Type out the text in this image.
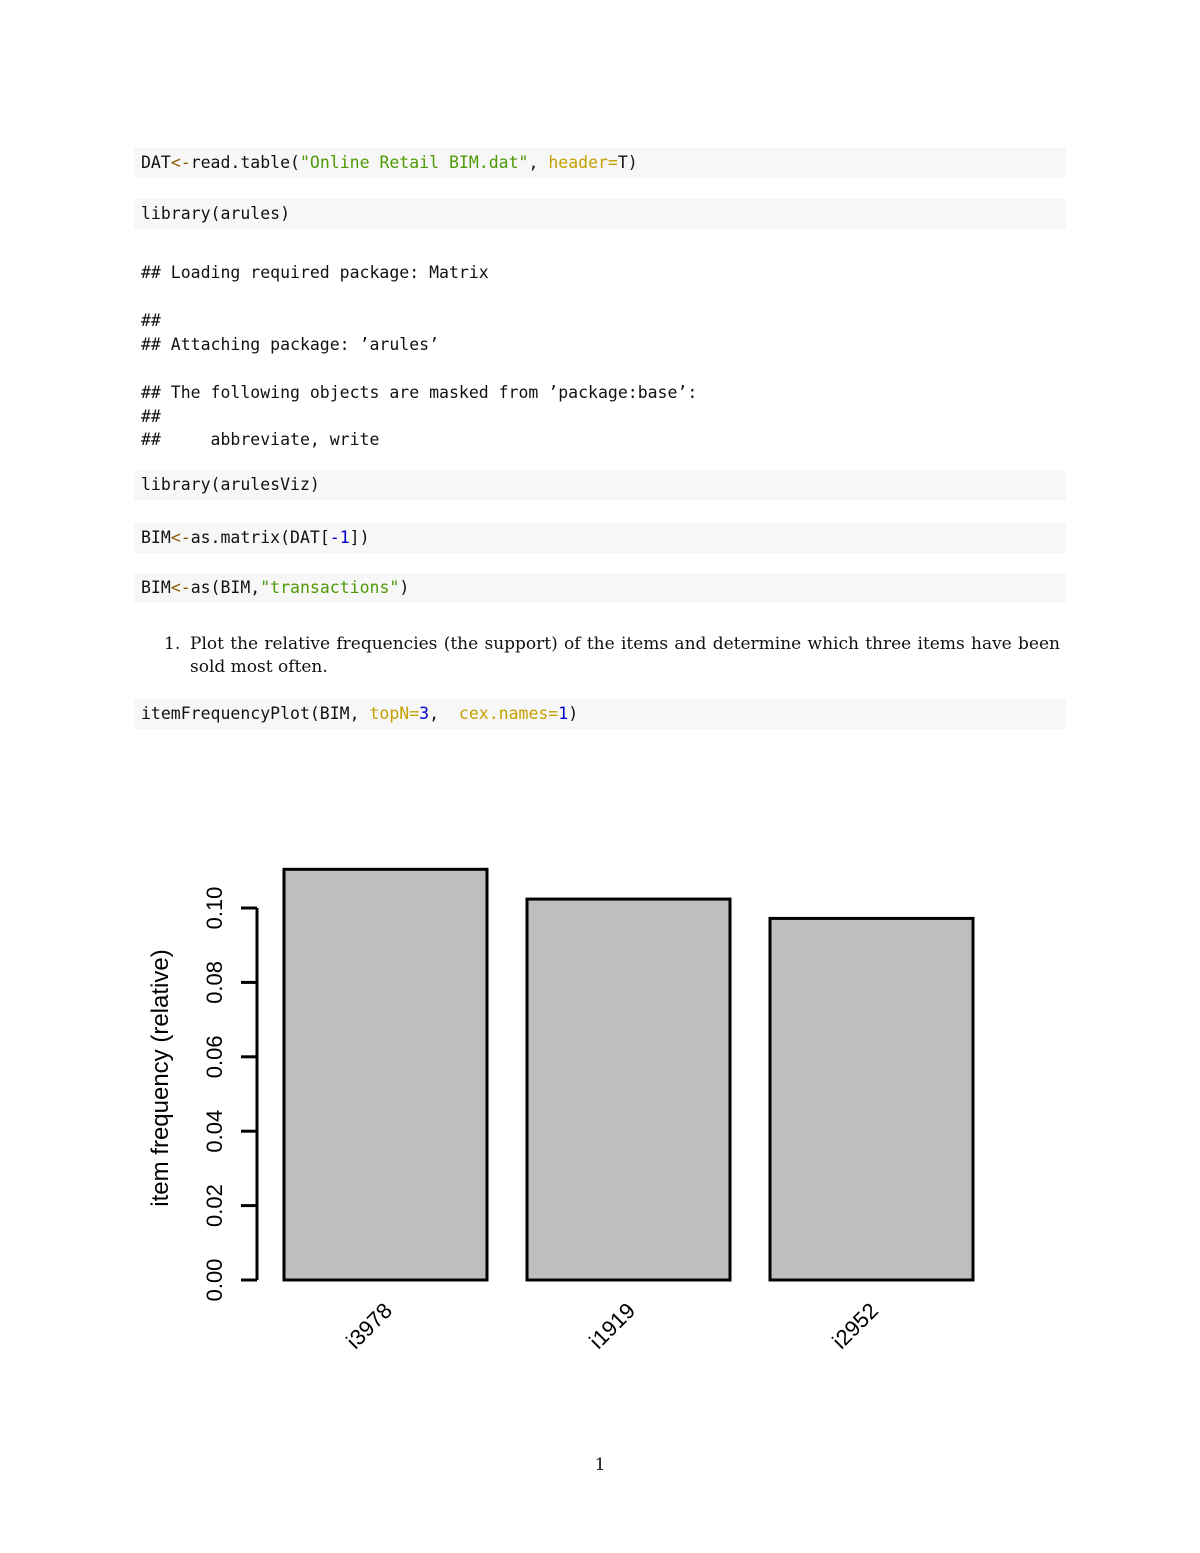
DAT<-read.table("Online Retail BIM.dat", header=T)
library(arules)
## Loading required package: Matrix
##
## Attaching package: ’arules’
## The following objects are masked from ’package:base’:
##
##     abbreviate, write
library(arulesViz)
BIM<-as.matrix(DAT[-1])
BIM<-as(BIM,"transactions")
1. Plot the relative frequencies (the support) of the items and determine which three items have been sold most often.
itemFrequencyPlot(BIM, topN=3,  cex.names=1)
0.00
0.02
0.04
0.06
0.08
0.10
item frequency (relative)
i3978	i1919	i2952
1
